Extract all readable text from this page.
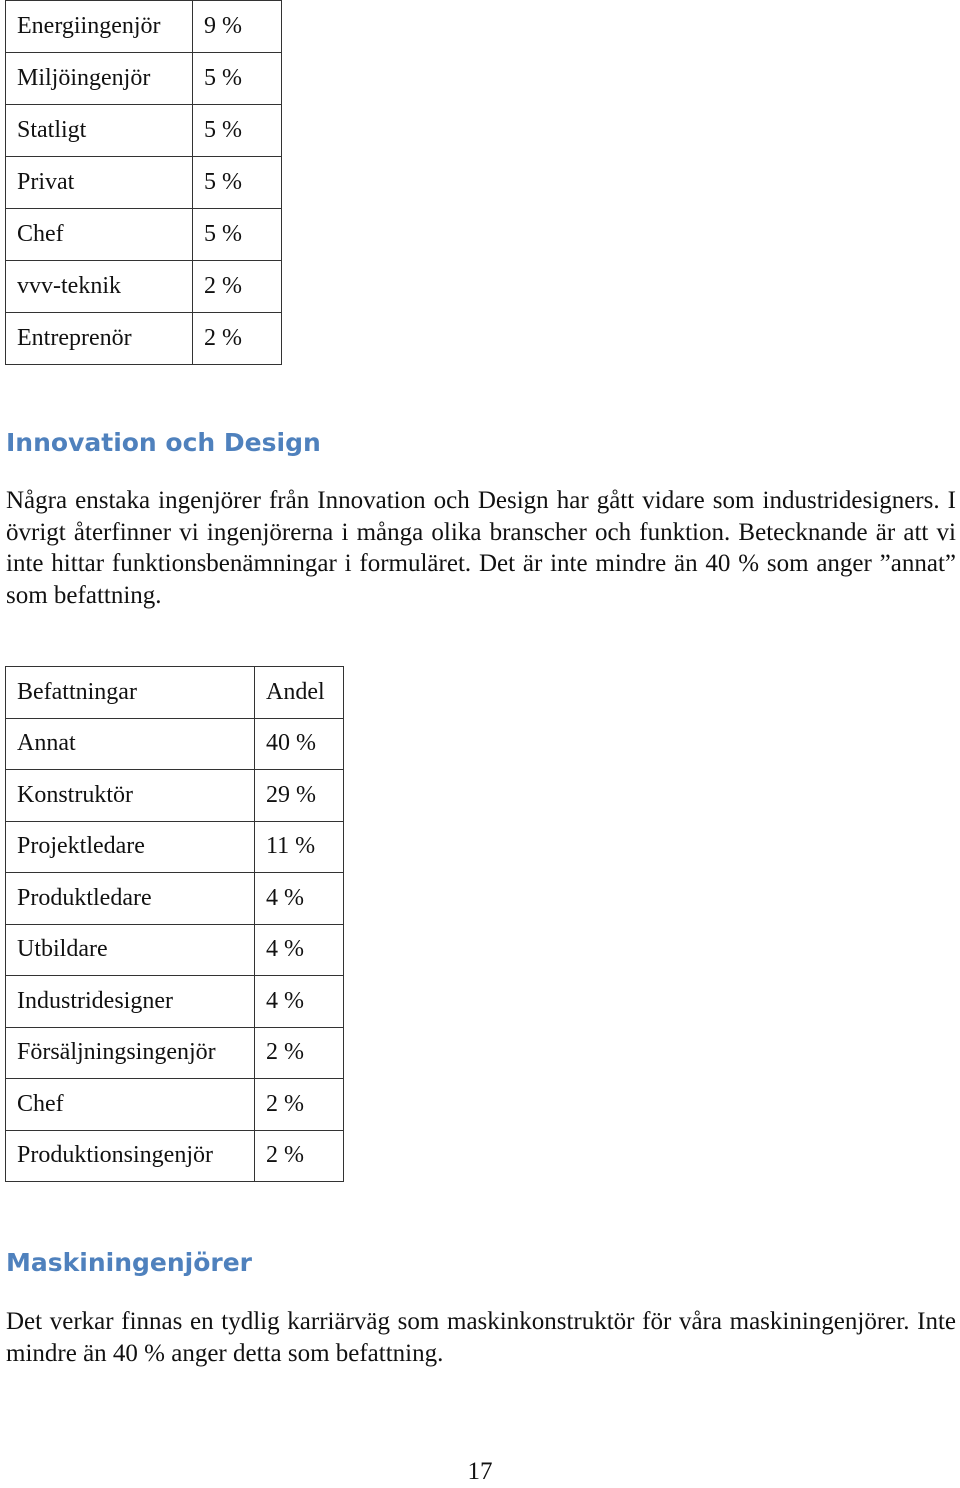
Energiingenjör	9 %
Miljöingenjör	5 %
Statligt	5 %
Privat	5 %
Chef	5 %
vvv-teknik	2 %
Entreprenör	2 %
Innovation och Design

Några enstaka ingenjörer från Innovation och Design har gått vidare som industridesigners. I övrigt återfinner vi ingenjörerna i många olika branscher och funktion. Betecknande är att vi inte hittar funktionsbenämningar i formuläret. Det är inte mindre än 40 % som anger ”annat” som befattning.

Befattningar	Andel
Annat	40 %
Konstruktör	29 %
Projektledare	11 %
Produktledare	4 %
Utbildare	4 %
Industridesigner	4 %
Försäljningsingenjör	2 %
Chef	2 %
Produktionsingenjör	2 %
Maskiningenjörer

Det verkar finnas en tydlig karriärväg som maskinkonstruktör för våra maskiningenjörer. Inte mindre än 40 % anger detta som befattning.

17
